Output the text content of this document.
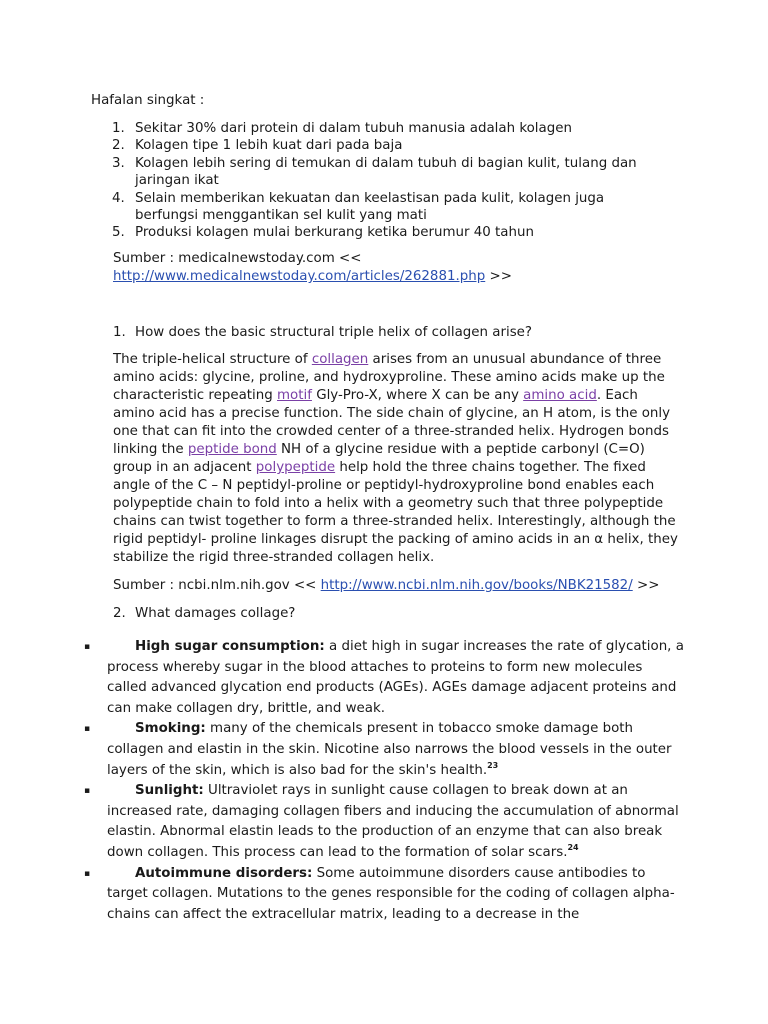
Hafalan singkat :
1. Sekitar 30% dari protein di dalam tubuh manusia adalah kolagen
2. Kolagen tipe 1 lebih kuat dari pada baja
3. Kolagen lebih sering di temukan di dalam tubuh di bagian kulit, tulang dan jaringan ikat
4. Selain memberikan kekuatan dan keelastisan pada kulit, kolagen juga berfungsi menggantikan sel kulit yang mati
5. Produksi kolagen mulai berkurang ketika berumur 40 tahun
Sumber : medicalnewstoday.com <<
http://www.medicalnewstoday.com/articles/262881.php >>
1. How does the basic structural triple helix of collagen arise?
The triple-helical structure of collagen arises from an unusual abundance of three amino acids: glycine, proline, and hydroxyproline. These amino acids make up the characteristic repeating motif Gly-Pro-X, where X can be any amino acid. Each amino acid has a precise function. The side chain of glycine, an H atom, is the only one that can fit into the crowded center of a three-stranded helix. Hydrogen bonds linking the peptide bond NH of a glycine residue with a peptide carbonyl (C=O) group in an adjacent polypeptide help hold the three chains together. The fixed angle of the C – N peptidyl-proline or peptidyl-hydroxyproline bond enables each polypeptide chain to fold into a helix with a geometry such that three polypeptide chains can twist together to form a three-stranded helix. Interestingly, although the rigid peptidyl- proline linkages disrupt the packing of amino acids in an α helix, they stabilize the rigid three-stranded collagen helix.
Sumber : ncbi.nlm.nih.gov << http://www.ncbi.nlm.nih.gov/books/NBK21582/ >>
2. What damages collage?
▪	High sugar consumption: a diet high in sugar increases the rate of glycation, a process whereby sugar in the blood attaches to proteins to form new molecules called advanced glycation end products (AGEs). AGEs damage adjacent proteins and can make collagen dry, brittle, and weak.
▪	Smoking: many of the chemicals present in tobacco smoke damage both collagen and elastin in the skin. Nicotine also narrows the blood vessels in the outer layers of the skin, which is also bad for the skin's health.$^{23}$
▪	Sunlight: Ultraviolet rays in sunlight cause collagen to break down at an increased rate, damaging collagen fibers and inducing the accumulation of abnormal elastin. Abnormal elastin leads to the production of an enzyme that can also break down collagen. This process can lead to the formation of solar scars.$^{24}$
▪	Autoimmune disorders: Some autoimmune disorders cause antibodies to target collagen. Mutations to the genes responsible for the coding of collagen alpha-chains can affect the extracellular matrix, leading to a decrease in the
